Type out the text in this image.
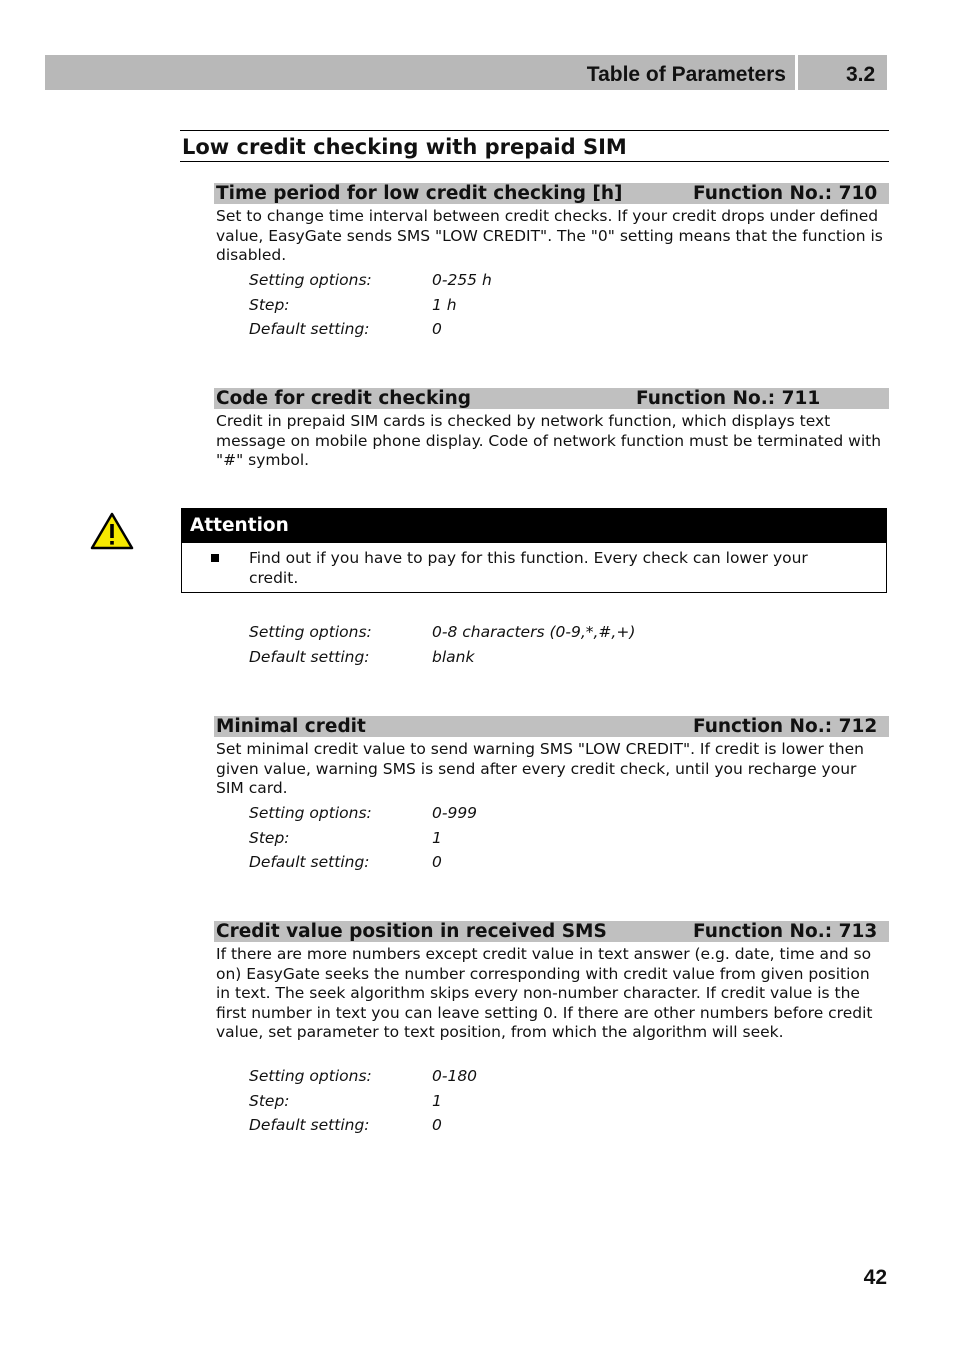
Table of Parameters	3.2
Low credit checking with prepaid SIM
Time period for low credit checking [h]	Function No.: 710

Set to change time interval between credit checks. If your credit drops under defined value, EasyGate sends SMS "LOW CREDIT". The "0" setting means that the function is disabled.

Setting options:	0-255 h
Step:	1 h
Default setting:	0
Code for credit checking	Function No.: 711

Credit in prepaid SIM cards is checked by network function, which displays text message on mobile phone display. Code of network function must be terminated with "#" symbol.

Attention
Find out if you have to pay for this function. Every check can lower your credit.
Setting options:	0-8 characters (0-9,*,#,+)
Default setting:	blank
Minimal credit	Function No.: 712

Set minimal credit value to send warning SMS "LOW CREDIT". If credit is lower then given value, warning SMS is send after every credit check, until you recharge your SIM card.

Setting options:	0-999
Step:	1
Default setting:	0
Credit value position in received SMS	Function No.: 713

If there are more numbers except credit value in text answer (e.g. date, time and so on) EasyGate seeks the number corresponding with credit value from given position in text. The seek algorithm skips every non-number character. If credit value is the first number in text you can leave setting 0. If there are other numbers before credit value, set parameter to text position, from which the algorithm will seek.

Setting options:	0-180
Step:	1
Default setting:	0
42
